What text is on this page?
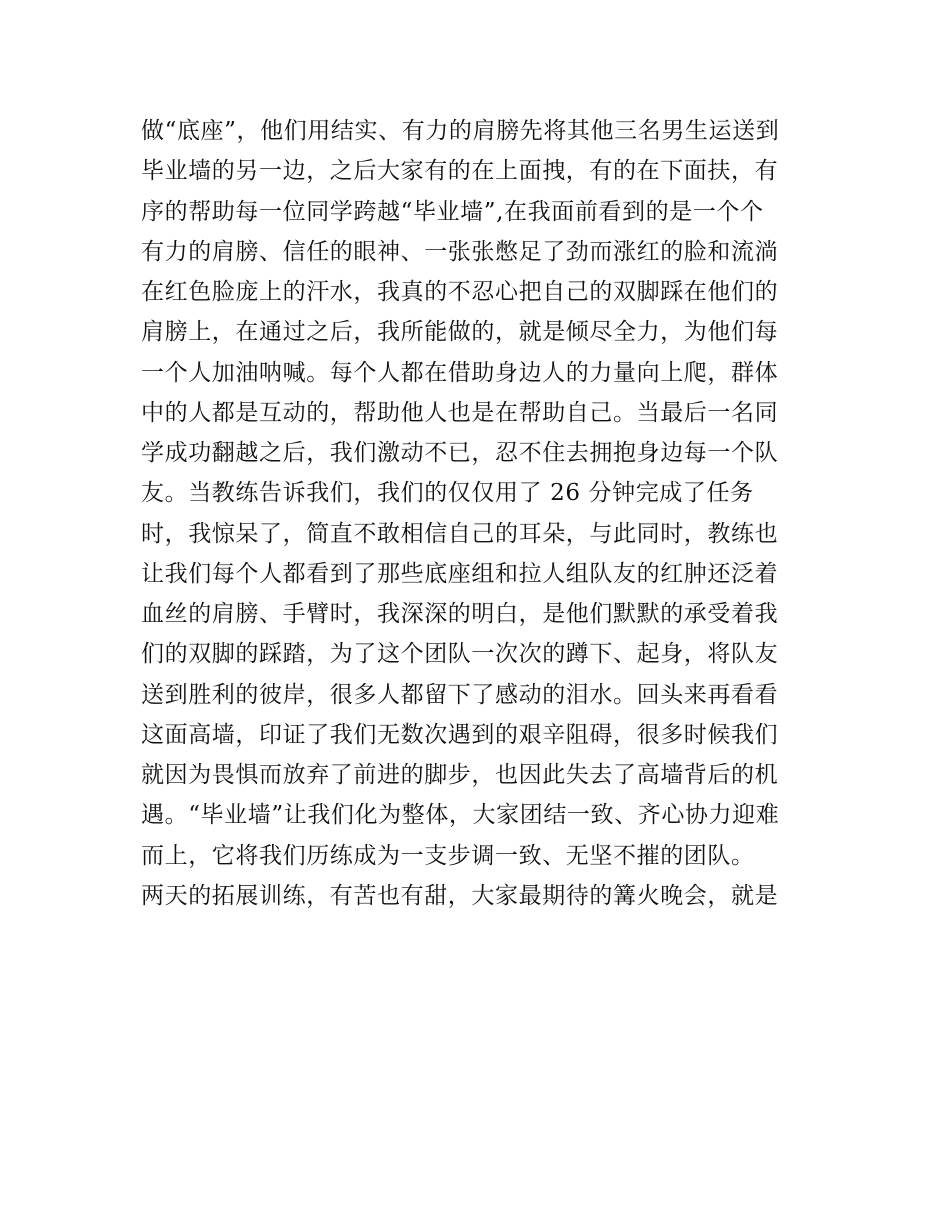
做“底座”，他们用结实、有力的肩膀先将其他三名男生运送到
毕业墙的另一边，之后大家有的在上面拽，有的在下面扶，有
序的帮助每一位同学跨越“毕业墙”,在我面前看到的是一个个
有力的肩膀、信任的眼神、一张张憋足了劲而涨红的脸和流淌
在红色脸庞上的汗水，我真的不忍心把自己的双脚踩在他们的
肩膀上，在通过之后，我所能做的，就是倾尽全力，为他们每
一个人加油呐喊。每个人都在借助身边人的力量向上爬，群体
中的人都是互动的，帮助他人也是在帮助自己。当最后一名同
学成功翻越之后，我们激动不已，忍不住去拥抱身边每一个队
友。当教练告诉我们，我们的仅仅用了 26 分钟完成了任务
时，我惊呆了，简直不敢相信自己的耳朵，与此同时，教练也
让我们每个人都看到了那些底座组和拉人组队友的红肿还泛着
血丝的肩膀、手臂时，我深深的明白，是他们默默的承受着我
们的双脚的踩踏，为了这个团队一次次的蹲下、起身，将队友
送到胜利的彼岸，很多人都留下了感动的泪水。回头来再看看
这面高墙，印证了我们无数次遇到的艰辛阻碍，很多时候我们
就因为畏惧而放弃了前进的脚步，也因此失去了高墙背后的机
遇。“毕业墙”让我们化为整体，大家团结一致、齐心协力迎难
而上，它将我们历练成为一支步调一致、无坚不摧的团队。
两天的拓展训练，有苦也有甜，大家最期待的篝火晚会，就是
